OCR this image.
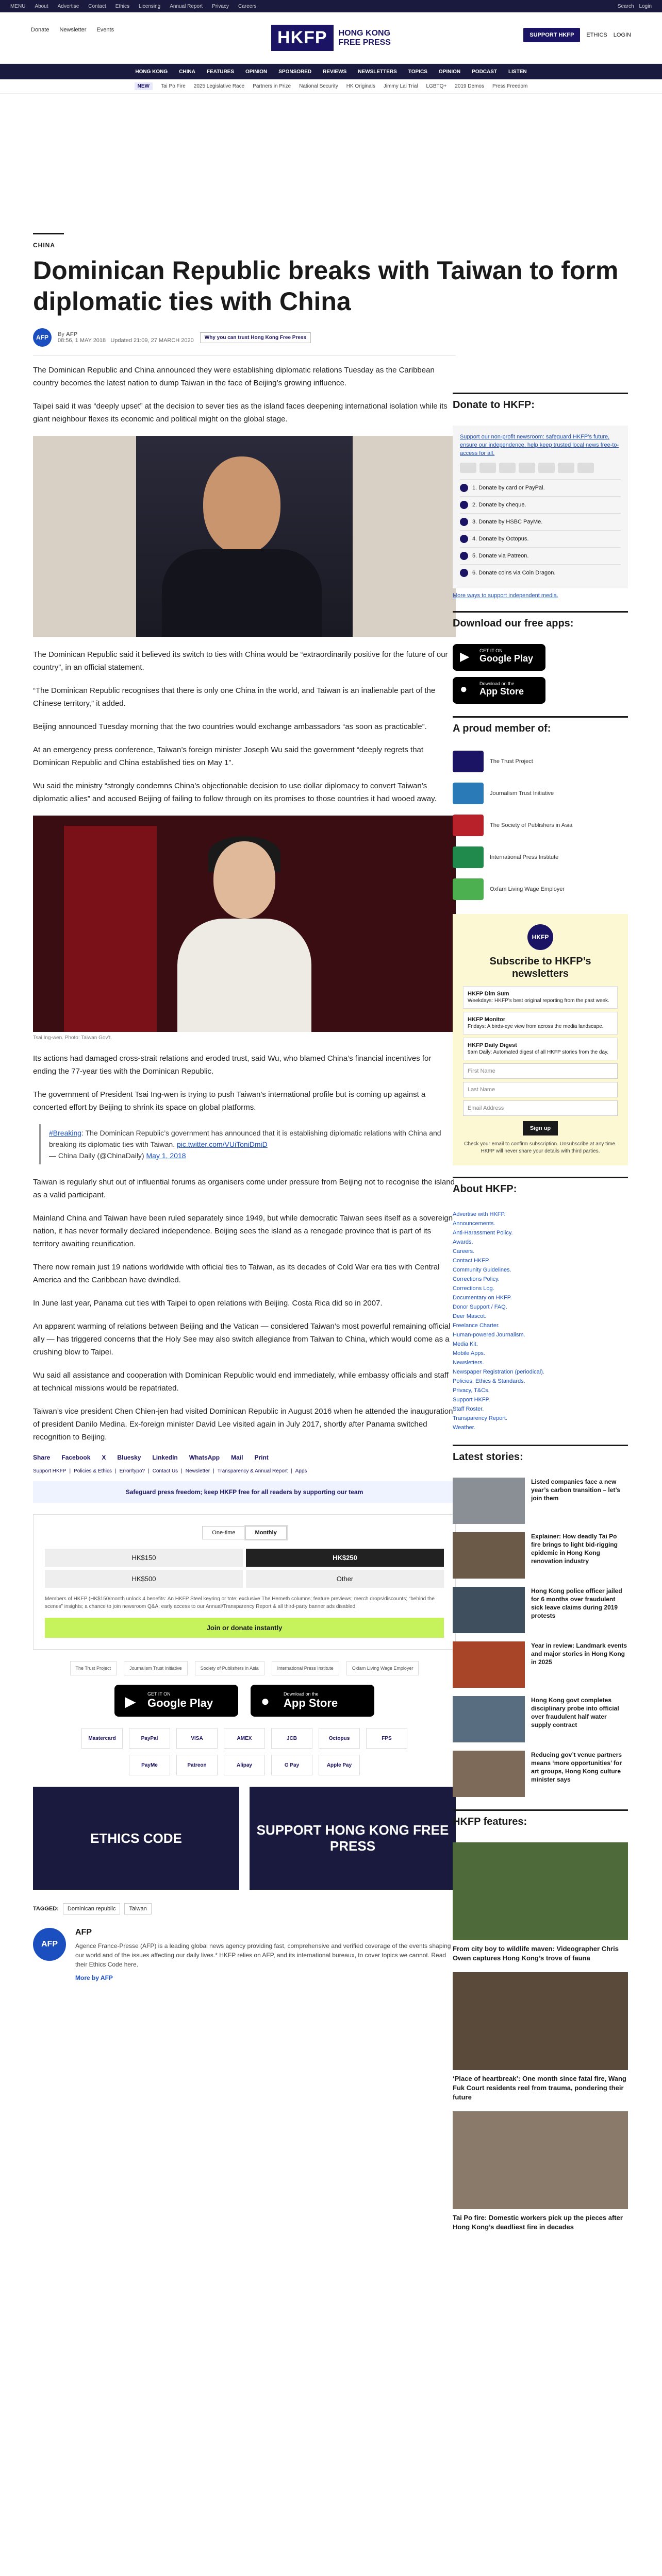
MENU About Advertise Contact Ethics Licensing Annual Report Privacy Careers	Search Login
Donate Newsletter Events	HKFP	HONG KONG
FREE PRESS
SUPPORT HKFP	ETHICS LOGIN
HONG KONG CHINA FEATURES OPINION SPONSORED REVIEWS NEWSLETTERS TOPICS OPINION PODCAST LISTEN
NEW	Tai Po Fire 2025 Legislative Race Partners in Prize National Security HK Originals Jimmy Lai Trial LGBTQ+ 2019 Demos Press Freedom
CHINA
Dominican Republic breaks with Taiwan to form diplomatic ties with China
AFP	By AFP
08:56, 1 MAY 2018 Updated 21:09, 27 MARCH 2020	Why you can trust Hong Kong Free Press

The Dominican Republic and China announced they were establishing diplomatic relations Tuesday as the Caribbean country becomes the latest nation to dump Taiwan in the face of Beijing’s growing influence.

Taipei said it was “deeply upset” at the decision to sever ties as the island faces deepening international isolation while its giant neighbour flexes its economic and political might on the global stage.

The Dominican Republic said it believed its switch to ties with China would be “extraordinarily positive for the future of our country”, in an official statement.

“The Dominican Republic recognises that there is only one China in the world, and Taiwan is an inalienable part of the Chinese territory,” it added.

Beijing announced Tuesday morning that the two countries would exchange ambassadors “as soon as practicable”.

At an emergency press conference, Taiwan’s foreign minister Joseph Wu said the government “deeply regrets that Dominican Republic and China established ties on May 1”.

Wu said the ministry “strongly condemns China’s objectionable decision to use dollar diplomacy to convert Taiwan’s diplomatic allies” and accused Beijing of failing to follow through on its promises to those countries it had wooed away.

Tsai Ing-wen. Photo: Taiwan Gov’t.

Its actions had damaged cross-strait relations and eroded trust, said Wu, who blamed China’s financial incentives for ending the 77-year ties with the Dominican Republic.

The government of President Tsai Ing-wen is trying to push Taiwan’s international profile but is coming up against a concerted effort by Beijing to shrink its space on global platforms.

#Breaking: The Dominican Republic’s government has announced that it is establishing diplomatic relations with China and breaking its diplomatic ties with Taiwan. pic.twitter.com/VUiToniDmiD
— China Daily (@ChinaDaily) May 1, 2018

Taiwan is regularly shut out of influential forums as organisers come under pressure from Beijing not to recognise the island as a valid participant.

Mainland China and Taiwan have been ruled separately since 1949, but while democratic Taiwan sees itself as a sovereign nation, it has never formally declared independence. Beijing sees the island as a renegade province that is part of its territory awaiting reunification.

There now remain just 19 nations worldwide with official ties to Taiwan, as its decades of Cold War era ties with Central America and the Caribbean have dwindled.

In June last year, Panama cut ties with Taipei to open relations with Beijing. Costa Rica did so in 2007.

An apparent warming of relations between Beijing and the Vatican — considered Taiwan’s most powerful remaining official ally — has triggered concerns that the Holy See may also switch allegiance from Taiwan to China, which would come as a crushing blow to Taipei.

Wu said all assistance and cooperation with Dominican Republic would end immediately, while embassy officials and staff at technical missions would be repatriated.

Taiwan’s vice president Chen Chien-jen had visited Dominican Republic in August 2016 when he attended the inauguration of president Danilo Medina. Ex-foreign minister David Lee visited again in July 2017, shortly after Panama switched recognition to Beijing.

Share Facebook X Bluesky LinkedIn WhatsApp Mail Print
Support HKFP | Policies & Ethics | Error/typo? | Contact Us | Newsletter | Transparency & Annual Report | Apps
Safeguard press freedom; keep HKFP free for all readers by supporting our team
One-time	Monthly
HK$150	HK$250
HK$500	Other
Members of HKFP (HK$150/month unlock 4 benefits: An HKFP Steel keyring or tote; exclusive The Hemeth columns; feature previews; merch drops/discounts; “behind the scenes” insights; a chance to join newsroom Q&A; early access to our Annual/Transparency Report & all third-party banner ads disabled.
Join or donate instantly
The Trust Project	Journalism Trust Initiative	Society of Publishers in Asia	International Press Institute	Oxfam Living Wage Employer
▶ GET IT ON
Google Play	●	Download on the
App Store
Mastercard	PayPal	VISA	AMEX	JCB	Octopus	FPS
PayMe	Patreon	Alipay	G Pay	Apple Pay
ETHICS CODE
SUPPORT HONG KONG FREE PRESS
TAGGED:	Dominican republic	Taiwan
AFP
AFP

Agence France-Presse (AFP) is a leading global news agency providing fast, comprehensive and verified coverage of the events shaping our world and of the issues affecting our daily lives.* HKFP relies on AFP, and its international bureaux, to cover topics we cannot. Read their Ethics Code here.

More by AFP
Donate to HKFP:
Support our non-profit newsroom: safeguard HKFP’s future, ensure our independence, help keep trusted local news free-to-access for all.
1. Donate by card or PayPal.
2. Donate by cheque.
3. Donate by HSBC PayMe.
4. Donate by Octopus.
5. Donate via Patreon.
6. Donate coins via Coin Dragon.
More ways to support independent media.
Download our free apps:
▶ GET IT ON
Google Play
●	Download on the
App Store
A proud member of:
The Trust Project
Journalism Trust Initiative
The Society of Publishers in Asia
International Press Institute
Oxfam Living Wage Employer
HKFP
Subscribe to HKFP’s newsletters
HKFP Dim Sum
Weekdays: HKFP’s best original reporting from the past week.
HKFP Monitor
Fridays: A birds-eye view from across the media landscape.
HKFP Daily Digest
9am Daily: Automated digest of all HKFP stories from the day.
First Name
Last Name
Email Address
Sign up
Check your email to confirm subscription. Unsubscribe at any time. HKFP will never share your details with third parties.
About HKFP:
Advertise with HKFP.
Announcements.
Anti-Harassment Policy.
Awards.
Careers.
Contact HKFP.
Community Guidelines.
Corrections Policy.
Corrections Log.
Documentary on HKFP.
Donor Support / FAQ.
Deer Mascot.
Freelance Charter.
Human-powered Journalism.
Media Kit.
Mobile Apps.
Newsletters.
Newspaper Registration (periodical).
Policies, Ethics & Standards.
Privacy, T&Cs.
Support HKFP.
Staff Roster.
Transparency Report.
Weather.
Latest stories:
Listed companies face a new year’s carbon transition – let’s join them
Explainer: How deadly Tai Po fire brings to light bid-rigging epidemic in Hong Kong renovation industry
Hong Kong police officer jailed for 6 months over fraudulent sick leave claims during 2019 protests
Year in review: Landmark events and major stories in Hong Kong in 2025
Hong Kong govt completes disciplinary probe into official over fraudulent half water supply contract
Reducing gov’t venue partners means ‘more opportunities’ for art groups, Hong Kong culture minister says
HKFP features:
From city boy to wildlife maven: Videographer Chris Owen captures Hong Kong’s trove of fauna
‘Place of heartbreak’: One month since fatal fire, Wang Fuk Court residents reel from trauma, pondering their future
Tai Po fire: Domestic workers pick up the pieces after Hong Kong’s deadliest fire in decades
